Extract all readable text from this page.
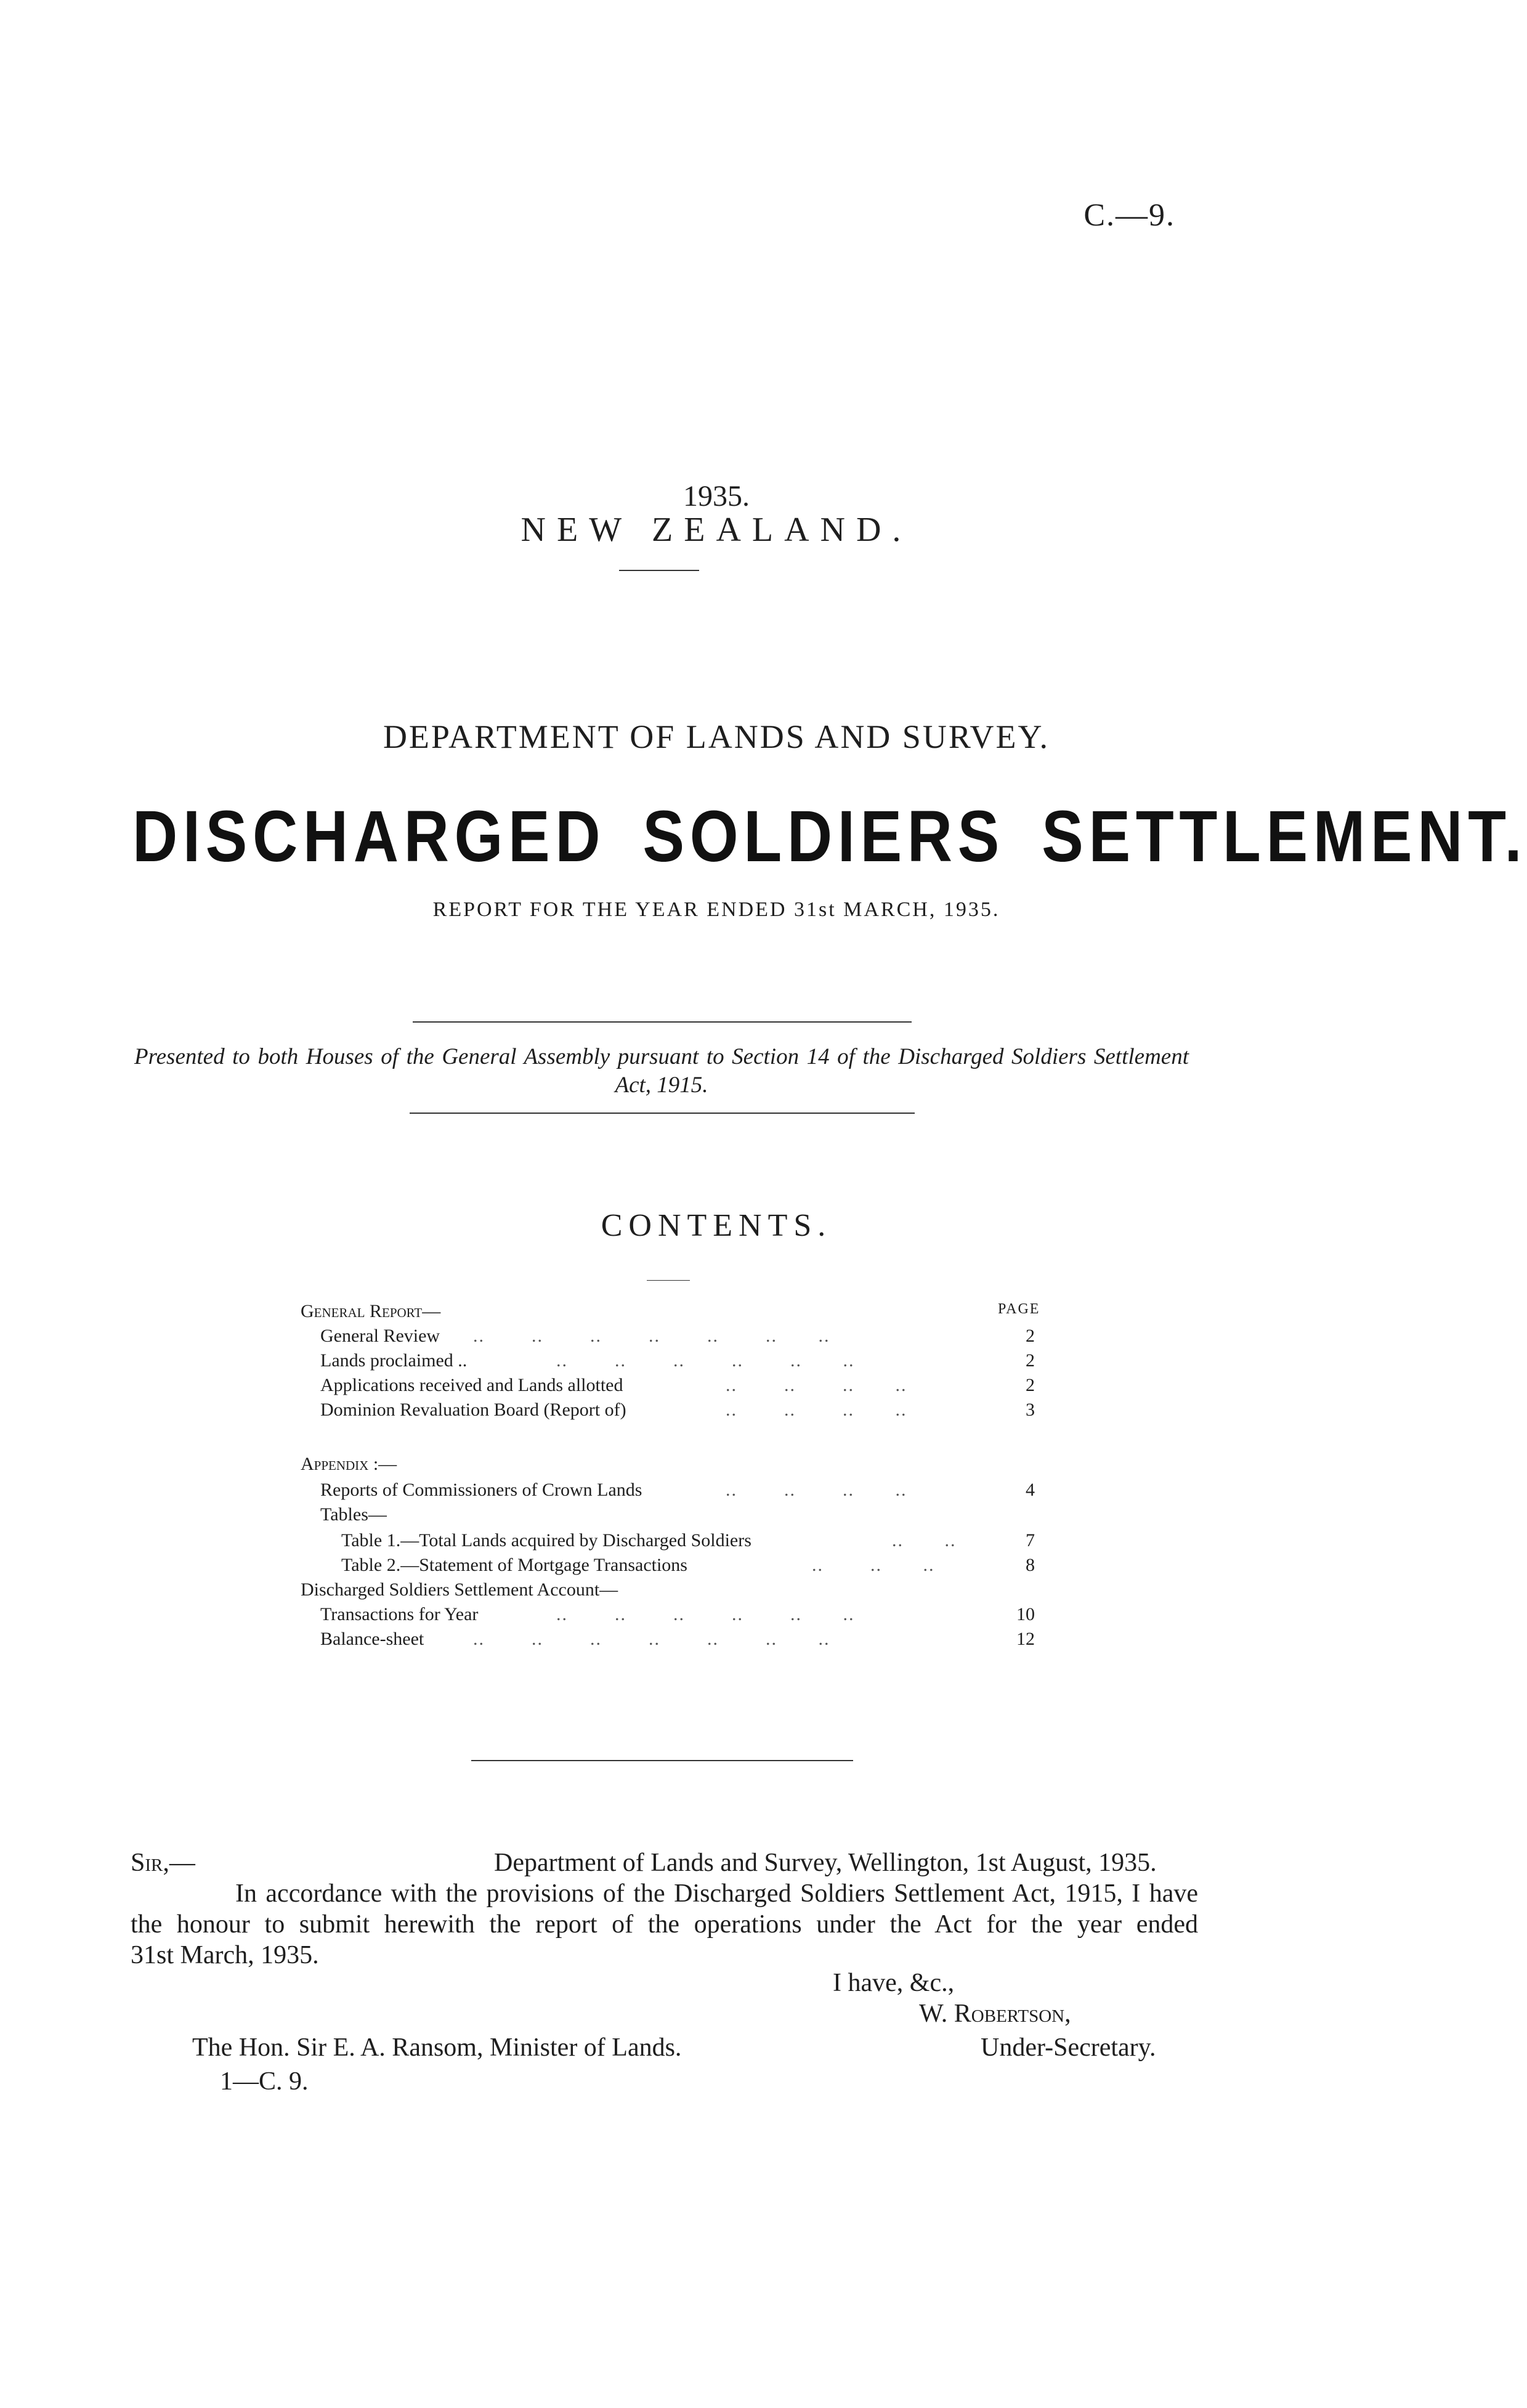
C.—9.
1935.
NEW ZEALAND.
DEPARTMENT OF LANDS AND SURVEY.
DISCHARGED SOLDIERS SETTLEMENT.
REPORT FOR THE YEAR ENDED 31st MARCH, 1935.
Presented to both Houses of the General Assembly pursuant to Section 14 of the Discharged Soldiers Settlement Act, 1915.
CONTENTS.
General Report—	PAGE
General Review ..        ..        ..        ..        ..        ..       ..	2
Lands proclaimed ..	..        ..        ..        ..        ..       ..	2
Applications received and Lands allotted	..        ..        ..       ..	2
Dominion Revaluation Board (Report of)	..        ..        ..       ..	3
Appendix :—
Reports of Commissioners of Crown Lands	..        ..        ..       ..	4
Tables—
Table 1.—Total Lands acquired by Discharged Soldiers	..       ..	7
Table 2.—Statement of Mortgage Transactions	..        ..       ..	8
Discharged Soldiers Settlement Account—
Transactions for Year	..        ..        ..        ..        ..       ..	10
Balance-sheet	..        ..        ..        ..        ..        ..       ..	12
Sir,—	Department of Lands and Survey, Wellington, 1st August, 1935.
In accordance with the provisions of the Discharged Soldiers Settlement Act, 1915, I have
the honour to submit herewith the report of the operations under the Act for the year ended
31st March, 1935.
I have, &c.,
W. Robertson,
The Hon. Sir E. A. Ransom, Minister of Lands.	Under-Secretary.
1—C. 9.
